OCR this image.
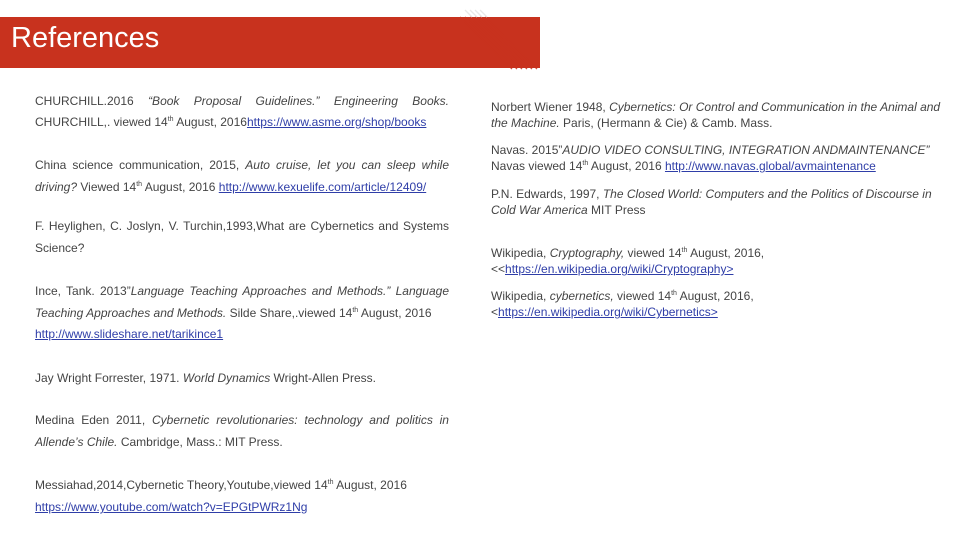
References
CHURCHILL.2016 “Book Proposal Guidelines.” Engineering Books.
CHURCHILL,. viewed 14th August, 2016https://www.asme.org/shop/books
China science communication, 2015, Auto cruise, let you can sleep while
driving? Viewed 14th August, 2016 http://www.kexuelife.com/article/12409/
F. Heylighen, C. Joslyn, V. Turchin,1993,What are Cybernetics and Systems
Science?
Ince, Tank. 2013”Language Teaching Approaches and Methods.” Language
Teaching Approaches and Methods. Silde Share,.viewed 14th August, 2016
http://www.slideshare.net/tarikince1
Jay Wright Forrester, 1971. World Dynamics Wright-Allen Press.
Medina Eden 2011, Cybernetic revolutionaries: technology and politics in
Allende’s Chile. Cambridge, Mass.: MIT Press.
Messiahad,2014,Cybernetic Theory,Youtube,viewed 14th August, 2016
https://www.youtube.com/watch?v=EPGtPWRz1Ng
Norbert Wiener 1948, Cybernetics: Or Control and Communication in the Animal and the Machine. Paris, (Hermann & Cie) & Camb. Mass.
Navas. 2015”AUDIO VIDEO CONSULTING, INTEGRATION ANDMAINTENANCE”
Navas viewed 14th August, 2016 http://www.navas.global/avmaintenance
P.N. Edwards, 1997, The Closed World: Computers and the Politics of Discourse in Cold War America MIT Press
Wikipedia, Cryptography, viewed 14th August, 2016,
<<https://en.wikipedia.org/wiki/Cryptography>
Wikipedia, cybernetics, viewed 14th August, 2016,
<https://en.wikipedia.org/wiki/Cybernetics>
